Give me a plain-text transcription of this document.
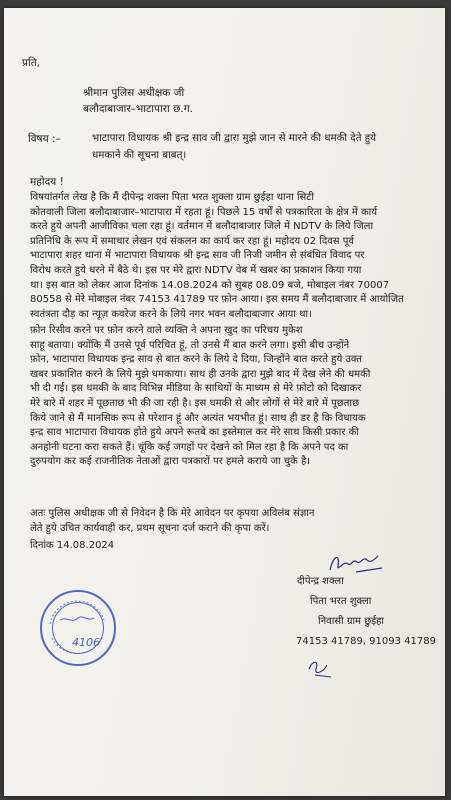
प्रति,
श्रीमान पुलिस अधीक्षक जी
बलौदाबाजार–भाटापारा छ.ग.
विषय :–	भाटापारा विधायक श्री इन्द्र साव जी द्वारा मुझे जान से मारने की धमकी देते हुये
धमकाने की सूचना बाबत्।
महोदय !
विषयांतर्गत लेख है कि मैं दीपेन्द्र शक्ला पिता भरत शुक्ला ग्राम छुईहा थाना सिटी
कोतवाली जिला बलौदाबाजार–भाटापारा में रहता हूं। पिछले 15 वर्षों से पत्रकारिता के क्षेत्र में कार्य
करते हुये अपनी आजीविका चला रहा हूं। वर्तमान में बलौदाबाजार जिले में NDTV के लिये जिला
प्रतिनिधि के रूप में समाचार लेखन एवं संकलन का कार्य कर रहा हूं। महोदय 02 दिवस पूर्व
भाटापारा शहर थाना में भाटापारा विधायक श्री इन्द्र साव जी निजी जमीन से संबंधित विवाद पर
विरोध करते हुये धरने में बैठे थे। इस पर मेरे द्वारा NDTV वेब में खबर का प्रकाशन किया गया
था। इस बात को लेकर आज दिनांक 14.08.2024 को सुबह 08.09 बजे, मोबाइल नंबर 70007
80558 से मेरे मोबाइल नंबर 74153 41789 पर फ़ोन आया। इस समय मैं बलौदाबाजार में आयोजित
स्वतंत्रता दौड़ का न्यूज़ कवरेज करने के लिये नगर भवन बलौदाबाजार आया था।
फ़ोन रिसीव करने पर फ़ोन करने वाले व्यक्ति ने अपना खुद का परिचय मुकेश
साहू बताया। क्योंकि मैं उनसे पूर्व परिचित हूं, तो उनसे मैं बात करने लगा। इसी बीच उन्होंने
फ़ोन, भाटापारा विधायक इन्द्र साव से बात करने के लिये दे दिया, जिन्होंने बात करते हुये उक्त
खबर प्रकाशित करने के लिये मुझे धमकाया। साथ ही उनके द्वारा मुझे बाद में देख लेने की धमकी
भी दी गई। इस धमकी के बाद विभिन्न मीडिया के साथियों के माध्यम से मेरे फ़ोटो को दिखाकर
मेरे बारे में शहर में पूछताछ भी की जा रही है। इस धमकी से और लोगों से मेरे बारे में पूछताछ
किये जाने से मैं मानसिक रूप से परेशान हूं और अत्यंत भयभीत हूं। साथ ही डर है कि विधायक
इन्द्र साव भाटापारा विधायक होते हुये अपने रूतबे का इस्तेमाल कर मेरे साथ किसी प्रकार की
अनहोनी घटना करा सकते हैं। चूंकि कई जगहों पर देखने को मिल रहा है कि अपने पद का
दुरुपयोग कर कई राजनीतिक नेताओं द्वारा पत्रकारों पर हमले कराये जा चुके है।
अतः पुलिस अधीक्षक जी से निवेदन है कि मेरे आवेदन पर कृपया अविलंब संज्ञान
लेते हुये उचित कार्यवाही कर, प्रथम सूचना दर्ज कराने की कृपा करें।
दिनांक 14.08.2024
दीपेन्द्र शक्ला
पिता भरत शुक्ला
निवासी ग्राम छुईहा
74153 41789, 91093 41789
4106
